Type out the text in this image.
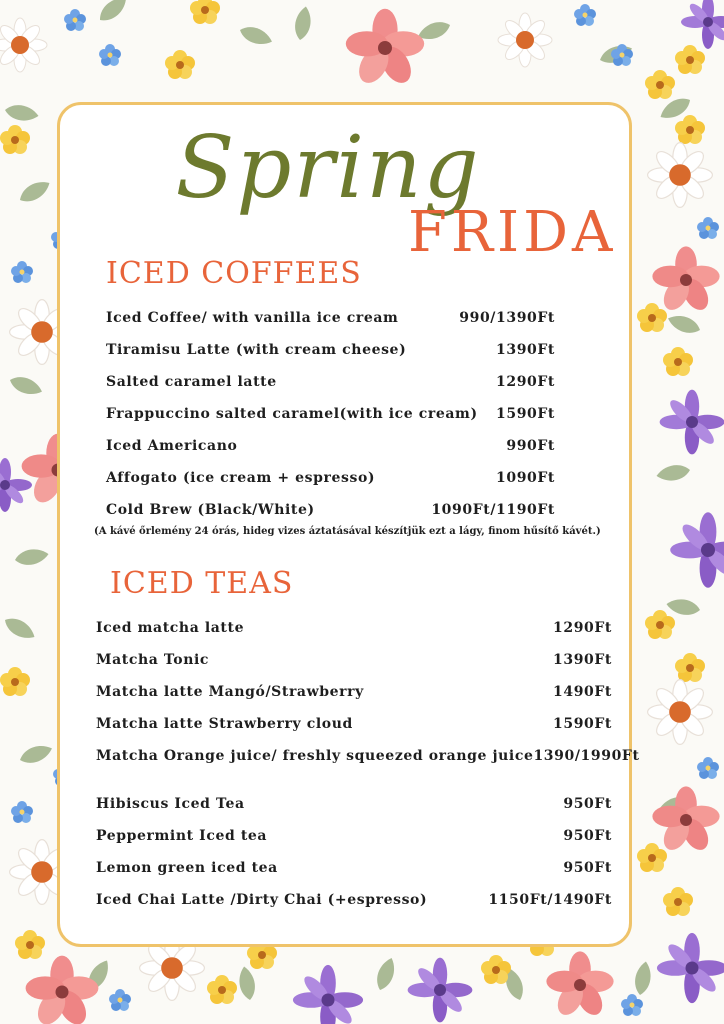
Spring
FRIDA
ICED COFFEES
Iced Coffee/ with vanilla ice cream	990/1390Ft
Tiramisu Latte (with cream cheese)	1390Ft
Salted caramel latte	1290Ft
Frappuccino salted caramel(with ice cream) 1590Ft
Iced Americano	990Ft
Affogato (ice cream + espresso)	1090Ft
Cold Brew (Black/White)	1090Ft/1190Ft
(A kávé őrlemény 24 órás, hideg vizes áztatásával készítjük ezt a lágy, finom hűsítő kávét.)
ICED TEAS
Iced matcha latte	1290Ft
Matcha Tonic	1390Ft
Matcha latte Mangó/Strawberry	1490Ft
Matcha latte Strawberry cloud	1590Ft
Matcha Orange juice/ freshly squeezed orange juice 1390/1990Ft
Hibiscus Iced Tea	950Ft
Peppermint Iced tea	950Ft
Lemon green iced tea	950Ft
Iced Chai Latte /Dirty Chai (+espresso)	1150Ft/1490Ft
